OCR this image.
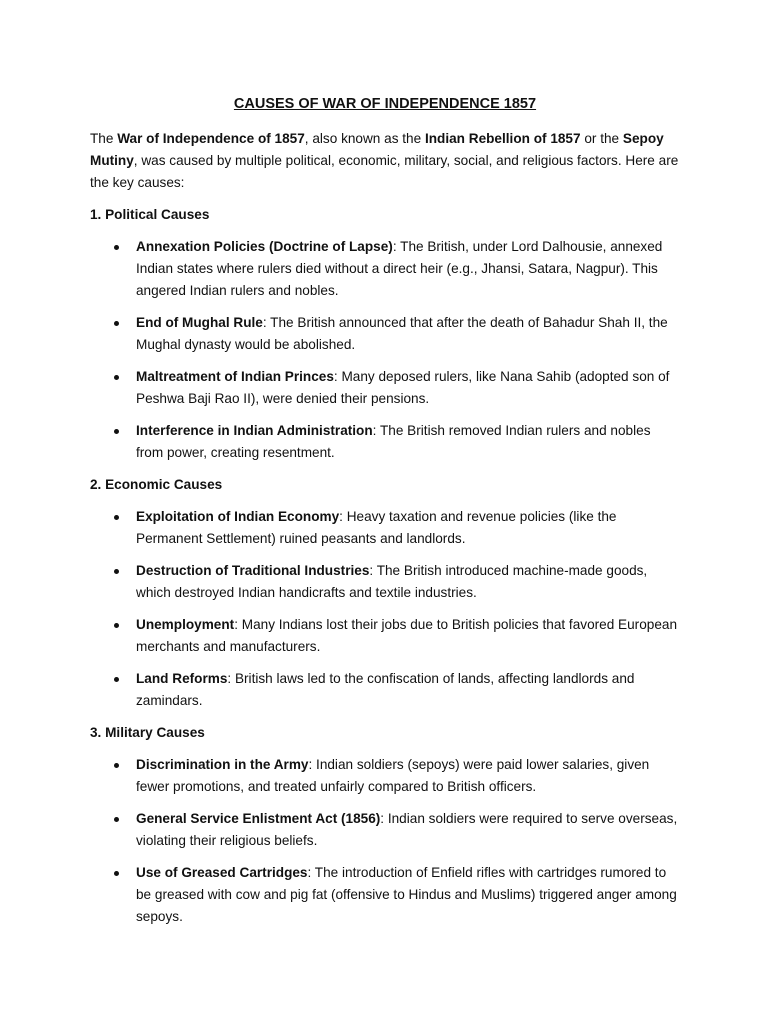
CAUSES OF WAR OF INDEPENDENCE 1857

The War of Independence of 1857, also known as the Indian Rebellion of 1857 or the Sepoy Mutiny, was caused by multiple political, economic, military, social, and religious factors. Here are the key causes:

1. Political Causes
Annexation Policies (Doctrine of Lapse): The British, under Lord Dalhousie, annexed Indian states where rulers died without a direct heir (e.g., Jhansi, Satara, Nagpur). This angered Indian rulers and nobles.
End of Mughal Rule: The British announced that after the death of Bahadur Shah II, the Mughal dynasty would be abolished.
Maltreatment of Indian Princes: Many deposed rulers, like Nana Sahib (adopted son of Peshwa Baji Rao II), were denied their pensions.
Interference in Indian Administration: The British removed Indian rulers and nobles from power, creating resentment.
2. Economic Causes
Exploitation of Indian Economy: Heavy taxation and revenue policies (like the Permanent Settlement) ruined peasants and landlords.
Destruction of Traditional Industries: The British introduced machine-made goods, which destroyed Indian handicrafts and textile industries.
Unemployment: Many Indians lost their jobs due to British policies that favored European merchants and manufacturers.
Land Reforms: British laws led to the confiscation of lands, affecting landlords and zamindars.
3. Military Causes
Discrimination in the Army: Indian soldiers (sepoys) were paid lower salaries, given fewer promotions, and treated unfairly compared to British officers.
General Service Enlistment Act (1856): Indian soldiers were required to serve overseas, violating their religious beliefs.
Use of Greased Cartridges: The introduction of Enfield rifles with cartridges rumored to be greased with cow and pig fat (offensive to Hindus and Muslims) triggered anger among sepoys.
